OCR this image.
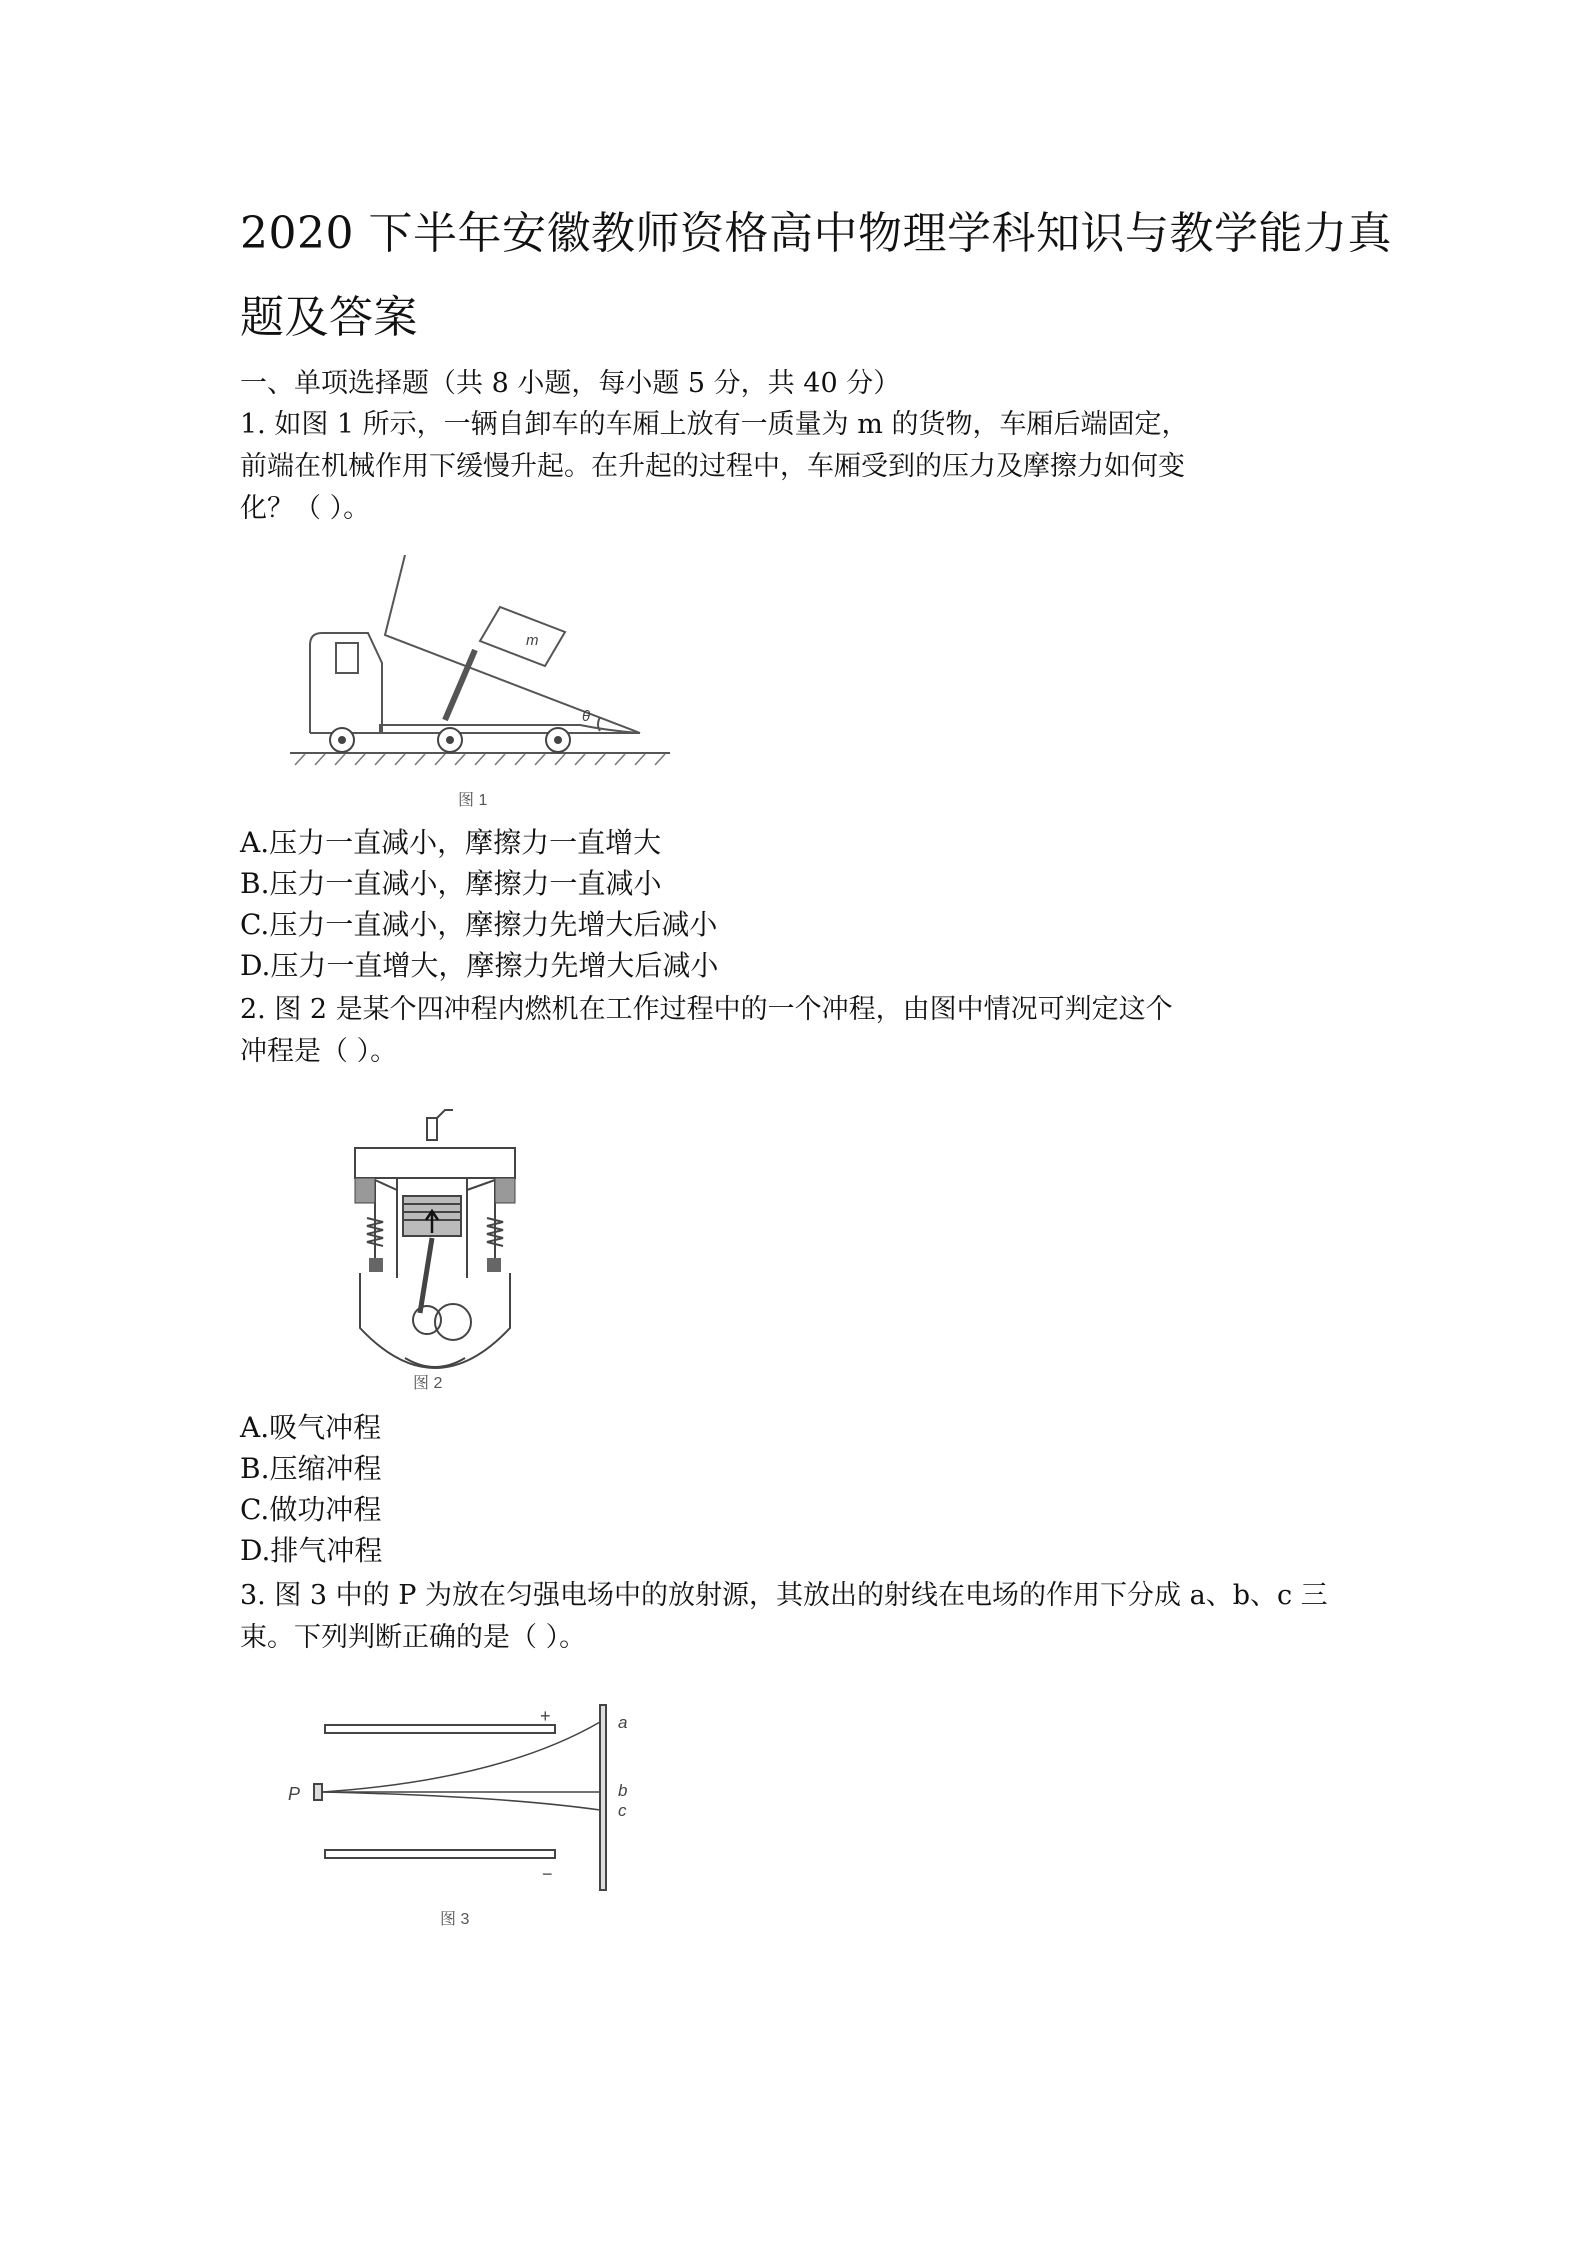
2020 下半年安徽教师资格高中物理学科知识与教学能力真
题及答案
一、单项选择题（共 8 小题，每小题 5 分，共 40 分）
1. 如图 1 所示，一辆自卸车的车厢上放有一质量为 m 的货物，车厢后端固定，
前端在机械作用下缓慢升起。在升起的过程中，车厢受到的压力及摩擦力如何变
化？（ ）。
m
θ
图 1
A.压力一直减小，摩擦力一直增大
B.压力一直减小，摩擦力一直减小
C.压力一直减小，摩擦力先增大后减小
D.压力一直增大，摩擦力先增大后减小
2. 图 2 是某个四冲程内燃机在工作过程中的一个冲程，由图中情况可判定这个
冲程是（ ）。
图 2
A.吸气冲程
B.压缩冲程
C.做功冲程
D.排气冲程
3. 图 3 中的 P 为放在匀强电场中的放射源，其放出的射线在电场的作用下分成 a、b、c 三
束。下列判断正确的是（ ）。
+
−
P
a
b
c
图 3
